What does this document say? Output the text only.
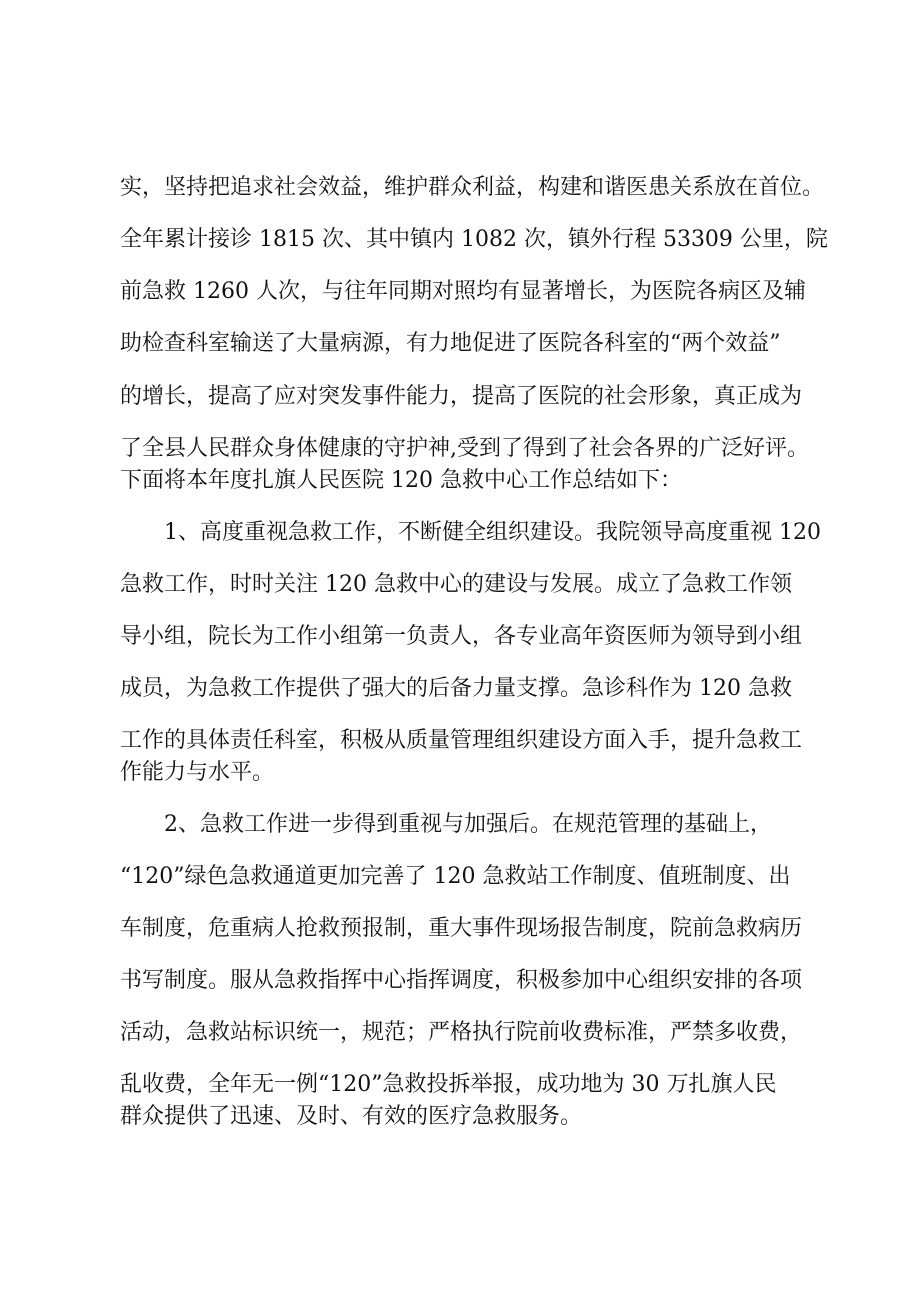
实，坚持把追求社会效益，维护群众利益，构建和谐医患关系放在首位。
全年累计接诊 1815 次、其中镇内 1082 次，镇外行程 53309 公里，院
前急救 1260 人次，与往年同期对照均有显著增长，为医院各病区及辅
助检查科室输送了大量病源，有力地促进了医院各科室的“两个效益”
的增长，提高了应对突发事件能力，提高了医院的社会形象，真正成为
了全县人民群众身体健康的守护神,受到了得到了社会各界的广泛好评。
下面将本年度扎旗人民医院 120 急救中心工作总结如下：
1、高度重视急救工作，不断健全组织建设。我院领导高度重视 120
急救工作，时时关注 120 急救中心的建设与发展。成立了急救工作领
导小组，院长为工作小组第一负责人，各专业高年资医师为领导到小组
成员，为急救工作提供了强大的后备力量支撑。急诊科作为 120 急救
工作的具体责任科室，积极从质量管理组织建设方面入手，提升急救工
作能力与水平。
2、急救工作进一步得到重视与加强后。在规范管理的基础上，
“120”绿色急救通道更加完善了 120 急救站工作制度、值班制度、出
车制度，危重病人抢救预报制，重大事件现场报告制度，院前急救病历
书写制度。服从急救指挥中心指挥调度，积极参加中心组织安排的各项
活动，急救站标识统一，规范；严格执行院前收费标准，严禁多收费，
乱收费，全年无一例“120”急救投拆举报，成功地为 30 万扎旗人民
群众提供了迅速、及时、有效的医疗急救服务。
